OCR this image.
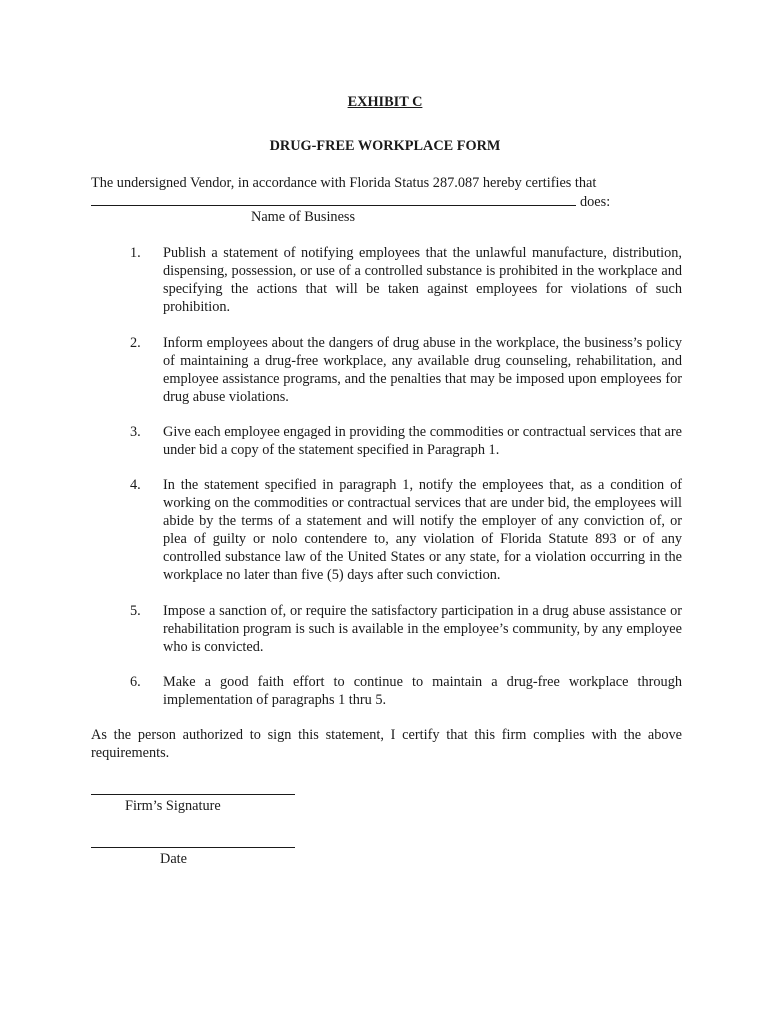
EXHIBIT C
DRUG-FREE WORKPLACE FORM
The undersigned Vendor, in accordance with Florida Status 287.087 hereby certifies that
does:
Name of Business
1. Publish a statement of notifying employees that the unlawful manufacture, distribution, dispensing, possession, or use of a controlled substance is prohibited in the workplace and specifying the actions that will be taken against employees for violations of such prohibition.
2. Inform employees about the dangers of drug abuse in the workplace, the business’s policy of maintaining a drug-free workplace, any available drug counseling, rehabilitation, and employee assistance programs, and the penalties that may be imposed upon employees for drug abuse violations.
3. Give each employee engaged in providing the commodities or contractual services that are under bid a copy of the statement specified in Paragraph 1.
4. In the statement specified in paragraph 1, notify the employees that, as a condition of working on the commodities or contractual services that are under bid, the employees will abide by the terms of a statement and will notify the employer of any conviction of, or plea of guilty or nolo contendere to, any violation of Florida Statute 893 or of any controlled substance law of the United States or any state, for a violation occurring in the workplace no later than five (5) days after such conviction.
5. Impose a sanction of, or require the satisfactory participation in a drug abuse assistance or rehabilitation program is such is available in the employee’s community, by any employee who is convicted.
6. Make a good faith effort to continue to maintain a drug-free workplace through implementation of paragraphs 1 thru 5.
As the person authorized to sign this statement, I certify that this firm complies with the above requirements.
Firm’s Signature
Date
